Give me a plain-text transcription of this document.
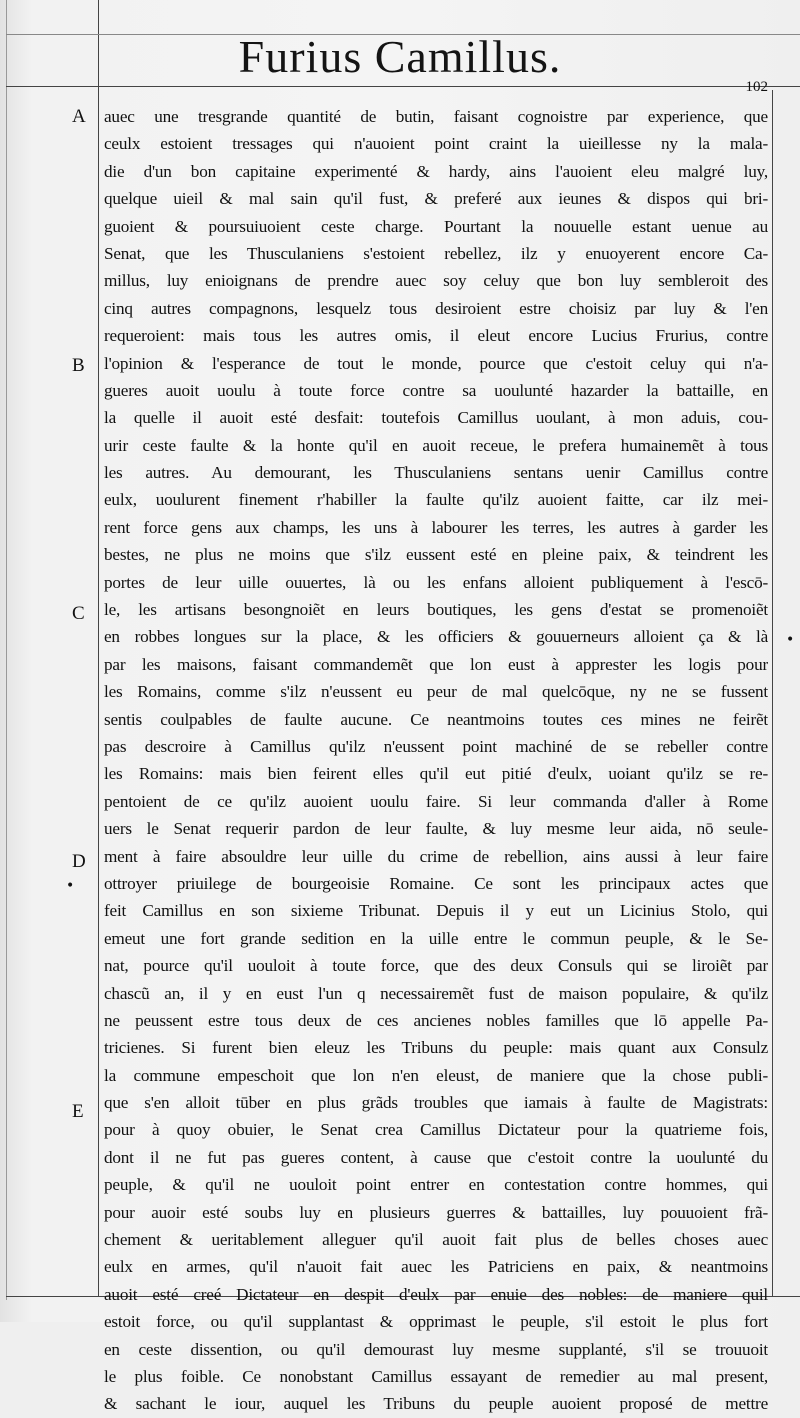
Furius Camillus.
102
A
B
C
D
E
•
•
auec une tresgrande quantité de butin, faisant cognoistre par experience, que
ceulx estoient tressages qui n'auoient point craint la uieillesse ny la mala-
die d'un bon capitaine experimenté & hardy, ains l'auoient eleu malgré luy,
quelque uieil & mal sain qu'il fust, & preferé aux ieunes & dispos qui bri-
guoient & poursuiuoient ceste charge. Pourtant la nouuelle estant uenue au
Senat, que les Thusculaniens s'estoient rebellez, ilz y enuoyerent encore Ca-
millus, luy enioignans de prendre auec soy celuy que bon luy sembleroit des
cinq autres compagnons, lesquelz tous desiroient estre choisiz par luy & l'en
requeroient: mais tous les autres omis, il eleut encore Lucius Frurius, contre
l'opinion & l'esperance de tout le monde, pource que c'estoit celuy qui n'a-
gueres auoit uoulu à toute force contre sa uoulunté hazarder la battaille, en
la quelle il auoit esté desfait: toutefois Camillus uoulant, à mon aduis, cou-
urir ceste faulte & la honte qu'il en auoit receue, le prefera humainemẽt à tous
les autres. Au demourant, les Thusculaniens sentans uenir Camillus contre
eulx, uoulurent finement r'habiller la faulte qu'ilz auoient faitte, car ilz mei-
rent force gens aux champs, les uns à labourer les terres, les autres à garder les
bestes, ne plus ne moins que s'ilz eussent esté en pleine paix, & teindrent les
portes de leur uille ouuertes, là ou les enfans alloient publiquement à l'escō-
le, les artisans besongnoiẽt en leurs boutiques, les gens d'estat se promenoiẽt
en robbes longues sur la place, & les officiers & gouuerneurs alloient ça & là
par les maisons, faisant commandemẽt que lon eust à apprester les logis pour
les Romains, comme s'ilz n'eussent eu peur de mal quelcōque, ny ne se fussent
sentis coulpables de faulte aucune. Ce neantmoins toutes ces mines ne feirẽt
pas descroire à Camillus qu'ilz n'eussent point machiné de se rebeller contre
les Romains: mais bien feirent elles qu'il eut pitié d'eulx, uoiant qu'ilz se re-
pentoient de ce qu'ilz auoient uoulu faire. Si leur commanda d'aller à Rome
uers le Senat requerir pardon de leur faulte, & luy mesme leur aida, nō seule-
ment à faire absouldre leur uille du crime de rebellion, ains aussi à leur faire
ottroyer priuilege de bourgeoisie Romaine. Ce sont les principaux actes que
feit Camillus en son sixieme Tribunat. Depuis il y eut un Licinius Stolo, qui
emeut une fort grande sedition en la uille entre le commun peuple, & le Se-
nat, pource qu'il uouloit à toute force, que des deux Consuls qui se liroiẽt par
chascũ an, il y en eust l'un q necessairemẽt fust de maison populaire, & qu'ilz
ne peussent estre tous deux de ces ancienes nobles familles que lō appelle Pa-
tricienes. Si furent bien eleuz les Tribuns du peuple: mais quant aux Consulz
la commune empeschoit que lon n'en eleust, de maniere que la chose publi-
que s'en alloit tūber en plus grãds troubles que iamais à faulte de Magistrats:
pour à quoy obuier, le Senat crea Camillus Dictateur pour la quatrieme fois,
dont il ne fut pas gueres content, à cause que c'estoit contre la uoulunté du
peuple, & qu'il ne uouloit point entrer en contestation contre hommes, qui
pour auoir esté soubs luy en plusieurs guerres & battailles, luy pouuoient frã-
chement & ueritablement alleguer qu'il auoit fait plus de belles choses auec
eulx en armes, qu'il n'auoit fait auec les Patriciens en paix, & neantmoins
auoit esté creé Dictateur en despit d'eulx par enuie des nobles: de maniere quil
estoit force, ou qu'il supplantast & opprimast le peuple, s'il estoit le plus fort
en ceste dissention, ou qu'il demourast luy mesme supplanté, s'il se trouuoit
le plus foible. Ce nonobstant Camillus essayant de remedier au mal present,
& sachant le iour, auquel les Tribuns du peuple auoient proposé de mettre
